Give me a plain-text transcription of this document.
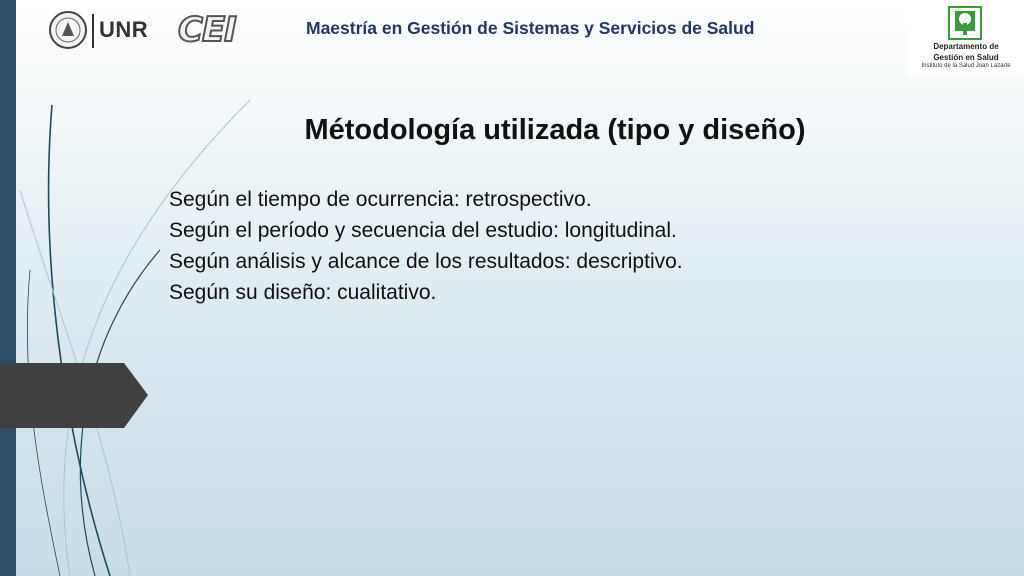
UNR CEI	Maestría en Gestión de Sistemas y Servicios de Salud
Departamento de
Gestión en Salud
Instituto de la Salud Juan Lazarte
Métodología utilizada (tipo y diseño)
Según el tiempo de ocurrencia: retrospectivo.
Según el período y secuencia del estudio: longitudinal.
Según análisis y alcance de los resultados: descriptivo.
Según su diseño: cualitativo.
